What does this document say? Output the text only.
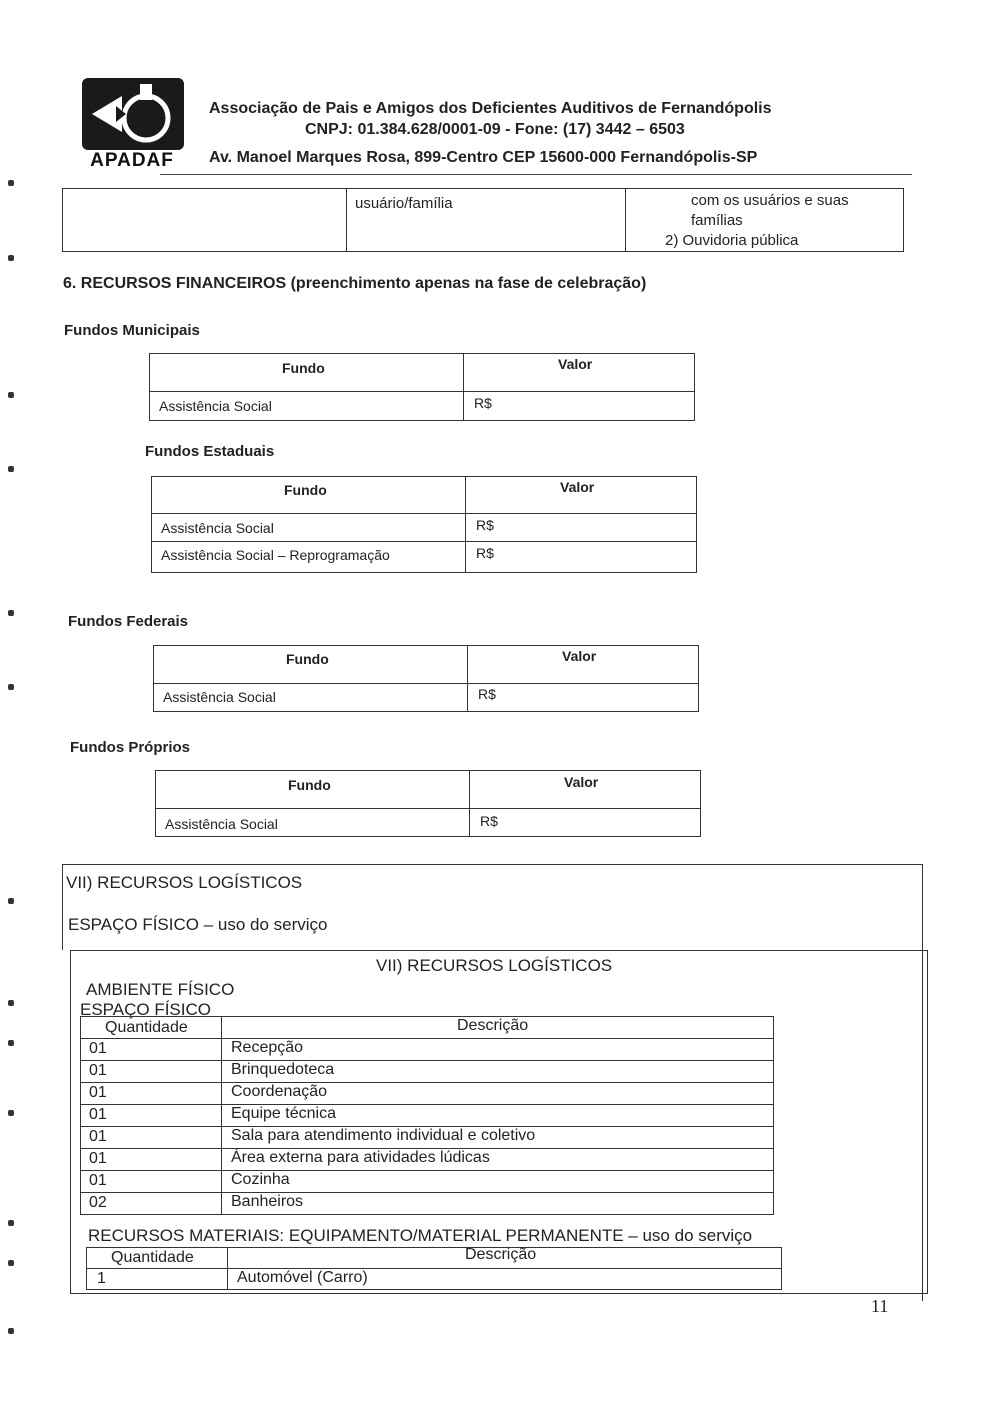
APADAF
Associação de Pais e Amigos dos Deficientes Auditivos de Fernandópolis
CNPJ: 01.384.628/0001-09 - Fone: (17) 3442 – 6503
Av. Manoel Marques Rosa, 899-Centro CEP 15600-000 Fernandópolis-SP
usuário/família	com os usuários e suas
famílias
2) Ouvidoria pública
6. RECURSOS FINANCEIROS (preenchimento apenas na fase de celebração)
Fundos Municipais
Fundo	Valor
Assistência Social	R$
Fundos Estaduais
Fundo	Valor
Assistência Social	R$
Assistência Social – Reprogramação	R$
Fundos Federais
Fundo	Valor
Assistência Social	R$
Fundos Próprios
Fundo	Valor
Assistência Social	R$
VII) RECURSOS LOGÍSTICOS
ESPAÇO FÍSICO – uso do serviço
VII) RECURSOS LOGÍSTICOS
AMBIENTE FÍSICO
ESPAÇO FÍSICO
Quantidade	Descrição
01	Recepção
01	Brinquedoteca
01	Coordenação
01	Equipe técnica
01	Sala para atendimento individual e coletivo
01	Área externa para atividades lúdicas
01	Cozinha
02	Banheiros
RECURSOS MATERIAIS: EQUIPAMENTO/MATERIAL PERMANENTE – uso do serviço
Quantidade	Descrição
1	Automóvel (Carro)
11
